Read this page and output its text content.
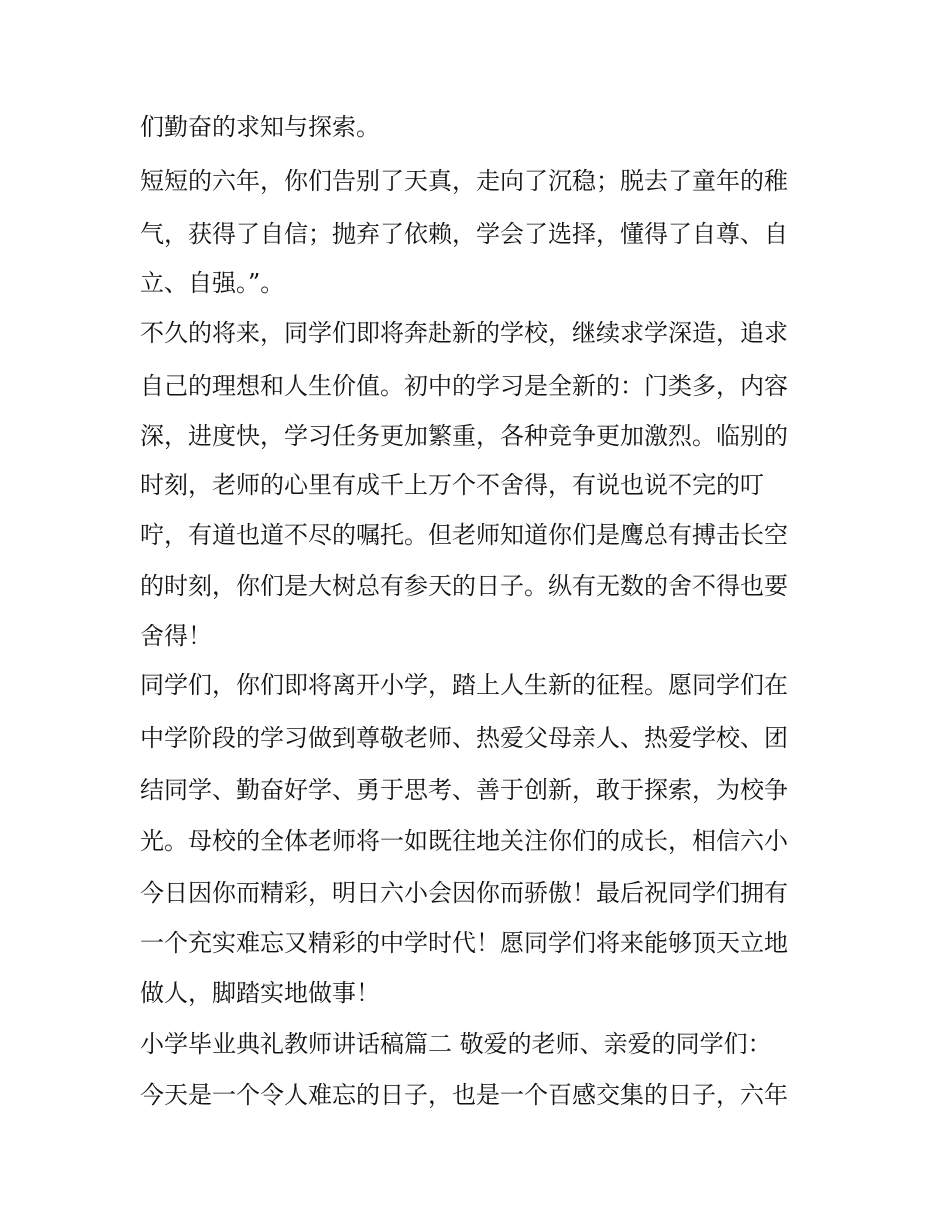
们勤奋的求知与探索。

短短的六年，你们告别了天真，走向了沉稳；脱去了童年的稚

气，获得了自信；抛弃了依赖，学会了选择，懂得了自尊、自

立、自强。”。

不久的将来，同学们即将奔赴新的学校，继续求学深造，追求

自己的理想和人生价值。初中的学习是全新的：门类多，内容

深，进度快，学习任务更加繁重，各种竞争更加激烈。临别的

时刻，老师的心里有成千上万个不舍得，有说也说不完的叮

咛，有道也道不尽的嘱托。但老师知道你们是鹰总有搏击长空

的时刻，你们是大树总有参天的日子。纵有无数的舍不得也要

舍得！

同学们，你们即将离开小学，踏上人生新的征程。愿同学们在

中学阶段的学习做到尊敬老师、热爱父母亲人、热爱学校、团

结同学、勤奋好学、勇于思考、善于创新，敢于探索，为校争

光。母校的全体老师将一如既往地关注你们的成长，相信六小

今日因你而精彩，明日六小会因你而骄傲！最后祝同学们拥有

一个充实难忘又精彩的中学时代！愿同学们将来能够顶天立地

做人，脚踏实地做事！

小学毕业典礼教师讲话稿篇二 敬爱的老师、亲爱的同学们：

今天是一个令人难忘的日子，也是一个百感交集的日子，六年
